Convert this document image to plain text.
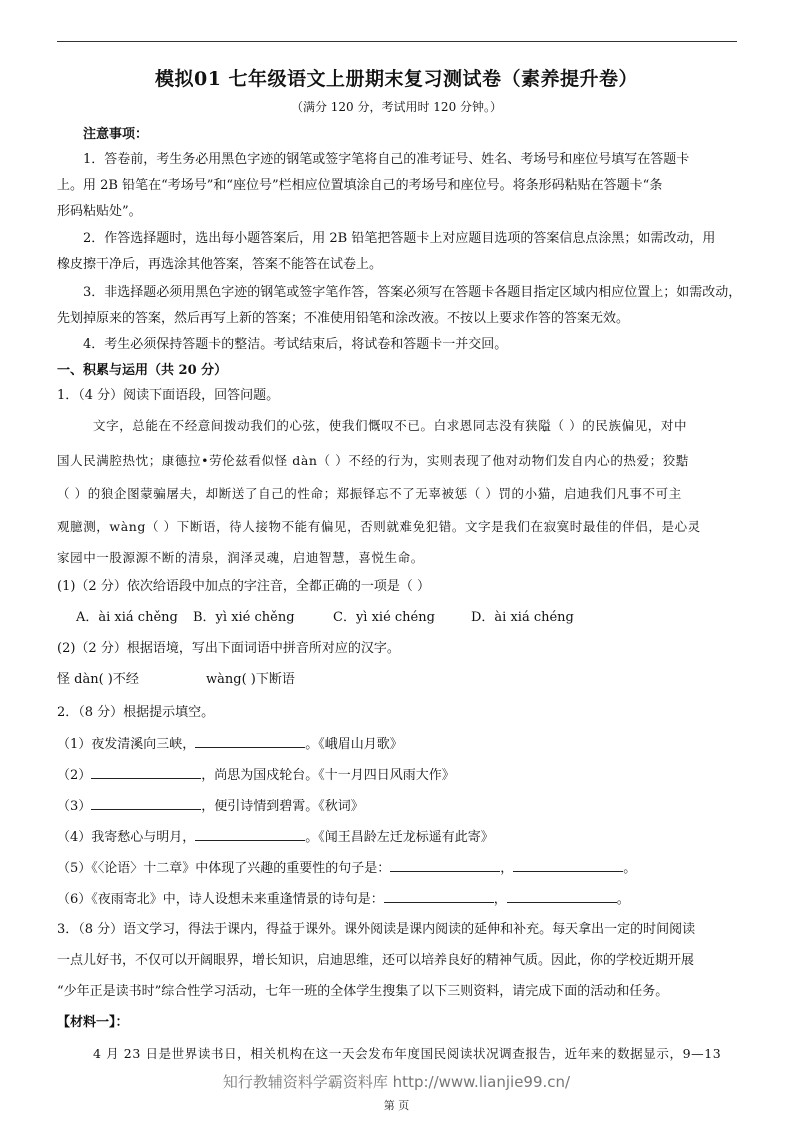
模拟01 七年级语文上册期末复习测试卷（素养提升卷）
（满分 120 分，考试用时 120 分钟。）
注意事项：
1．答卷前，考生务必用黑色字迹的钢笔或签字笔将自己的准考证号、姓名、考场号和座位号填写在答题卡
上。用 2B 铅笔在“考场号”和“座位号”栏相应位置填涂自己的考场号和座位号。将条形码粘贴在答题卡“条
形码粘贴处”。
2．作答选择题时，选出每小题答案后，用 2B 铅笔把答题卡上对应题目选项的答案信息点涂黑；如需改动，用
橡皮擦干净后，再选涂其他答案，答案不能答在试卷上。
3．非选择题必须用黑色字迹的钢笔或签字笔作答，答案必须写在答题卡各题目指定区域内相应位置上；如需改动，
先划掉原来的答案，然后再写上新的答案；不准使用铅笔和涂改液。不按以上要求作答的答案无效。
4．考生必须保持答题卡的整洁。考试结束后，将试卷和答题卡一并交回。
一、积累与运用（共 20 分）
1．（4 分）阅读下面语段，回答问题。
文字，总能在不经意间拨动我们的心弦，使我们慨叹不已。白求恩同志没有狭隘（ ）的民族偏见，对中
国人民满腔热忱；康德拉•劳伦兹看似怪 dàn（ ）不经的行为，实则表现了他对动物们发自内心的热爱；狡黠
（ ）的狼企图蒙骗屠夫，却断送了自己的性命；郑振铎忘不了无辜被惩（ ）罚的小猫，启迪我们凡事不可主
观臆测，wàng（ ）下断语，待人接物不能有偏见，否则就难免犯错。文字是我们在寂寞时最佳的伴侣，是心灵
家园中一股源源不断的清泉，润泽灵魂，启迪智慧，喜悦生命。
(1)（2 分）依次给语段中加点的字注音，全都正确的一项是（ ）
A．ài xiá chěng B．yì xié chěng	C．yì xié chéng	D．ài xiá chéng
(2)（2 分）根据语境，写出下面词语中拼音所对应的汉字。
怪 dàn( )不经	wàng( )下断语
2．（8 分）根据提示填空。
（1）夜发清溪向三峡，	。《峨眉山月歌》
（2）	，尚思为国戍轮台。《十一月四日风雨大作》
（3）	，便引诗情到碧霄。《秋词》
（4）我寄愁心与明月，	。《闻王昌龄左迁龙标遥有此寄》
（5）《〈论语〉十二章》中体现了兴趣的重要性的句子是：	，	。
（6）《夜雨寄北》中，诗人设想未来重逢情景的诗句是：	，	。
3．（8 分）语文学习，得法于课内，得益于课外。课外阅读是课内阅读的延伸和补充。每天拿出一定的时间阅读
一点儿好书，不仅可以开阔眼界，增长知识，启迪思维，还可以培养良好的精神气质。因此，你的学校近期开展
“少年正是读书时”综合性学习活动，七年一班的全体学生搜集了以下三则资料，请完成下面的活动和任务。
【材料一】：
4 月 23 日是世界读书日，相关机构在这一天会发布年度国民阅读状况调查报告，近年来的数据显示，9—13
知行教辅资料学霸资料库 http://www.lianjie99.cn/
第 页
